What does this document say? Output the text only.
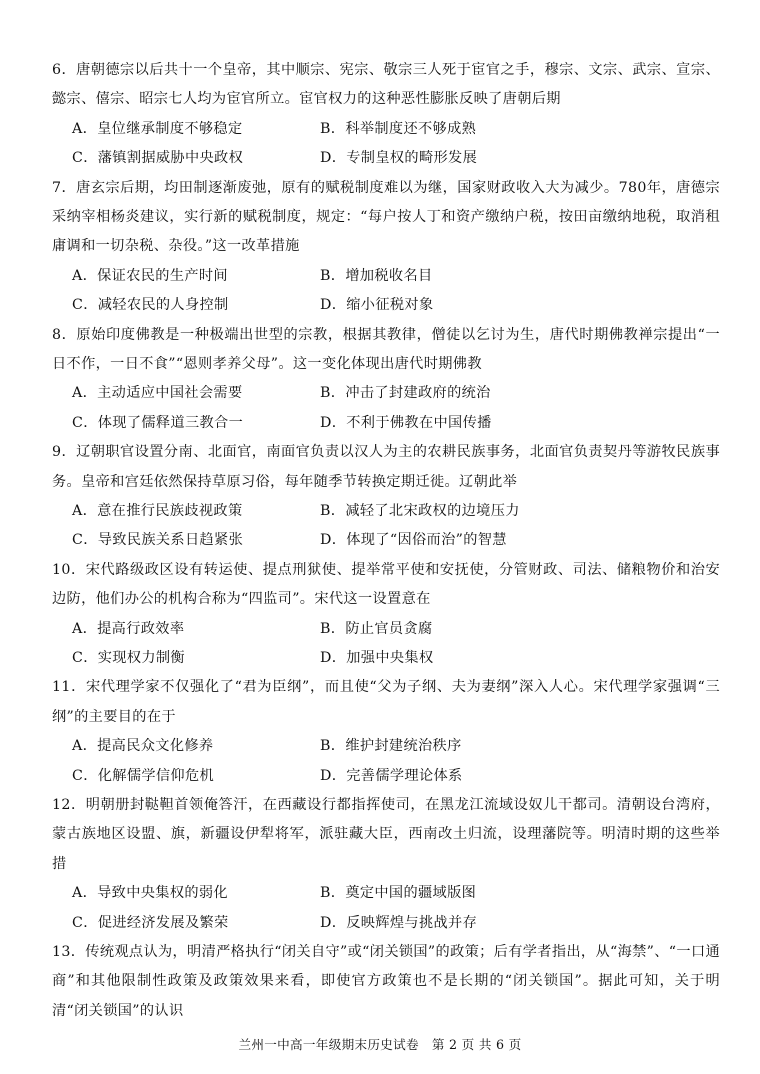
6．唐朝德宗以后共十一个皇帝，其中顺宗、宪宗、敬宗三人死于宦官之手，穆宗、文宗、武宗、宣宗、懿宗、僖宗、昭宗七人均为宦官所立。宦官权力的这种恶性膨胀反映了唐朝后期

A．皇位继承制度不够稳定	B．科举制度还不够成熟
C．藩镇割据威胁中央政权	D．专制皇权的畸形发展

7．唐玄宗后期，均田制逐渐废弛，原有的赋税制度难以为继，国家财政收入大为减少。780年，唐德宗采纳宰相杨炎建议，实行新的赋税制度，规定：“每户按人丁和资产缴纳户税，按田亩缴纳地税，取消租庸调和一切杂税、杂役。”这一改革措施

A．保证农民的生产时间	B．增加税收名目
C．减轻农民的人身控制	D．缩小征税对象

8．原始印度佛教是一种极端出世型的宗教，根据其教律，僧徒以乞讨为生，唐代时期佛教禅宗提出“一日不作，一日不食”“恩则孝养父母”。这一变化体现出唐代时期佛教

A．主动适应中国社会需要	B．冲击了封建政府的统治
C．体现了儒释道三教合一	D．不利于佛教在中国传播

9．辽朝职官设置分南、北面官，南面官负责以汉人为主的农耕民族事务，北面官负责契丹等游牧民族事务。皇帝和宫廷依然保持草原习俗，每年随季节转换定期迁徙。辽朝此举

A．意在推行民族歧视政策	B．减轻了北宋政权的边境压力
C．导致民族关系日趋紧张	D．体现了“因俗而治”的智慧

10．宋代路级政区设有转运使、提点刑狱使、提举常平使和安抚使，分管财政、司法、储粮物价和治安边防，他们办公的机构合称为“四监司”。宋代这一设置意在

A．提高行政效率	B．防止官员贪腐
C．实现权力制衡	D．加强中央集权

11．宋代理学家不仅强化了“君为臣纲”，而且使“父为子纲、夫为妻纲”深入人心。宋代理学家强调“三纲”的主要目的在于

A．提高民众文化修养	B．维护封建统治秩序
C．化解儒学信仰危机	D．完善儒学理论体系

12．明朝册封鞑靼首领俺答汗，在西藏设行都指挥使司，在黑龙江流域设奴儿干都司。清朝设台湾府，蒙古族地区设盟、旗，新疆设伊犁将军，派驻藏大臣，西南改土归流，设理藩院等。明清时期的这些举措

A．导致中央集权的弱化	B．奠定中国的疆域版图
C．促进经济发展及繁荣	D．反映辉煌与挑战并存

13．传统观点认为，明清严格执行“闭关自守”或“闭关锁国”的政策；后有学者指出，从“海禁”、“一口通商”和其他限制性政策及政策效果来看，即使官方政策也不是长期的“闭关锁国”。据此可知，关于明清“闭关锁国”的认识

兰州一中高一年级期末历史试卷　第 2 页 共 6 页
